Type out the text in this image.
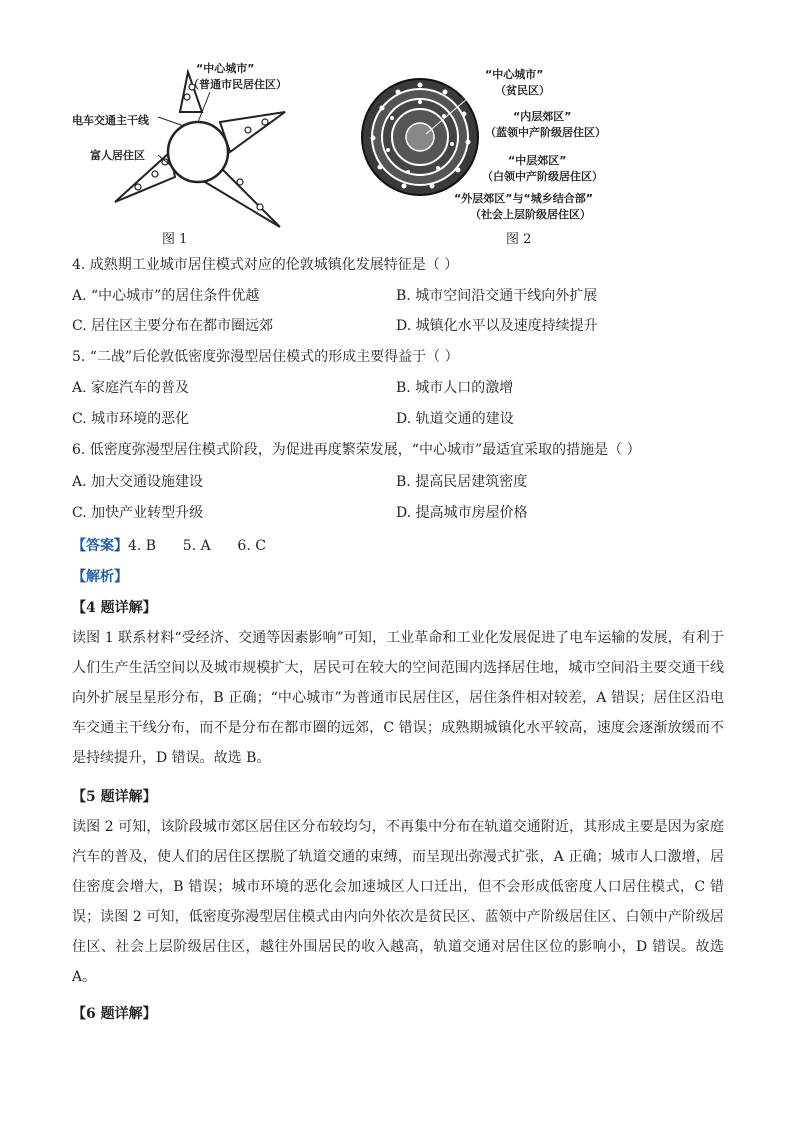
“中心城市”
（普通市民居住区）
电车交通主干线
富人居住区
图 1
“中心城市”
（贫民区）
“内层郊区”
（蓝领中产阶级居住区）
“中层郊区”
（白领中产阶级居住区）
“外层郊区”与“城乡结合部”
（社会上层阶级居住区）
图 2
4. 成熟期工业城市居住模式对应的伦敦城镇化发展特征是（ ）
A. “中心城市”的居住条件优越	B. 城市空间沿交通干线向外扩展
C. 居住区主要分布在都市圈远郊	D. 城镇化水平以及速度持续提升
5. “二战”后伦敦低密度弥漫型居住模式的形成主要得益于（ ）
A. 家庭汽车的普及	B. 城市人口的激增
C. 城市环境的恶化	D. 轨道交通的建设
6. 低密度弥漫型居住模式阶段，为促进再度繁荣发展，“中心城市”最适宜采取的措施是（ ）
A. 加大交通设施建设	B. 提高民居建筑密度
C. 加快产业转型升级	D. 提高城市房屋价格
【答案】4. B      5. A      6. C
【解析】
【4 题详解】
读图 1 联系材料“受经济、交通等因素影响”可知，工业革命和工业化发展促进了电车运输的发展，有利于人们生产生活空间以及城市规模扩大，居民可在较大的空间范围内选择居住地，城市空间沿主要交通干线向外扩展呈星形分布，B 正确；“中心城市”为普通市民居住区，居住条件相对较差，A 错误；居住区沿电车交通主干线分布，而不是分布在都市圈的远郊，C 错误；成熟期城镇化水平较高，速度会逐渐放缓而不是持续提升，D 错误。故选 B。
【5 题详解】
读图 2 可知，该阶段城市郊区居住区分布较均匀，不再集中分布在轨道交通附近，其形成主要是因为家庭汽车的普及，使人们的居住区摆脱了轨道交通的束缚，而呈现出弥漫式扩张，A 正确；城市人口激增，居住密度会增大，B 错误；城市环境的恶化会加速城区人口迁出，但不会形成低密度人口居住模式，C 错误；读图 2 可知，低密度弥漫型居住模式由内向外依次是贫民区、蓝领中产阶级居住区、白领中产阶级居住区、社会上层阶级居住区，越往外围居民的收入越高，轨道交通对居住区位的影响小，D 错误。故选 A。
【6 题详解】
